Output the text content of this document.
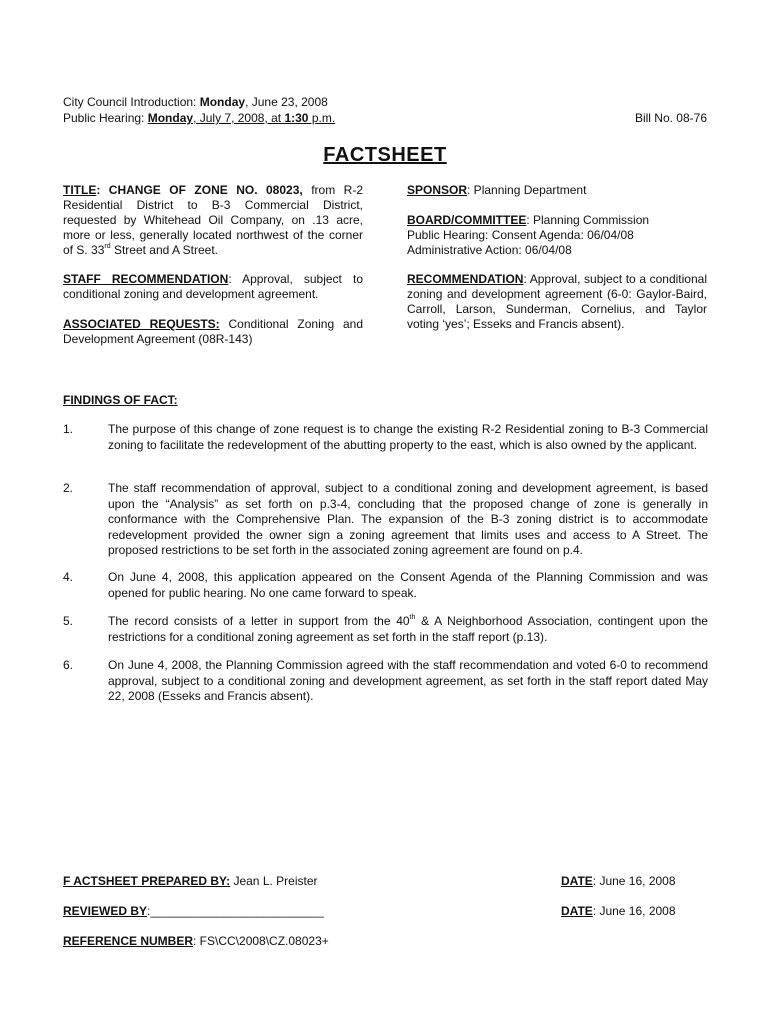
City Council Introduction: Monday, June 23, 2008
Public Hearing: Monday, July 7, 2008, at 1:30 p.m.	Bill No. 08-76
FACTSHEET
TITLE: CHANGE OF ZONE NO. 08023, from R-2 Residential District to B-3 Commercial District, requested by Whitehead Oil Company, on .13 acre, more or less, generally located northwest of the corner of S. 33rd Street and A Street.
STAFF RECOMMENDATION: Approval, subject to conditional zoning and development agreement.
ASSOCIATED REQUESTS: Conditional Zoning and Development Agreement (08R-143)
SPONSOR: Planning Department
BOARD/COMMITTEE: Planning Commission
Public Hearing: Consent Agenda: 06/04/08
Administrative Action: 06/04/08
RECOMMENDATION: Approval, subject to a conditional zoning and development agreement (6-0: Gaylor-Baird, Carroll, Larson, Sunderman, Cornelius, and Taylor voting ‘yes’; Esseks and Francis absent).
FINDINGS OF FACT:
1.	The purpose of this change of zone request is to change the existing R-2 Residential zoning to B-3 Commercial zoning to facilitate the redevelopment of the abutting property to the east, which is also owned by the applicant.
2.	The staff recommendation of approval, subject to a conditional zoning and development agreement, is based upon the “Analysis” as set forth on p.3-4, concluding that the proposed change of zone is generally in conformance with the Comprehensive Plan. The expansion of the B-3 zoning district is to accommodate redevelopment provided the owner sign a zoning agreement that limits uses and access to A Street. The proposed restrictions to be set forth in the associated zoning agreement are found on p.4.
4.	On June 4, 2008, this application appeared on the Consent Agenda of the Planning Commission and was opened for public hearing. No one came forward to speak.
5.	The record consists of a letter in support from the 40th & A Neighborhood Association, contingent upon the restrictions for a conditional zoning agreement as set forth in the staff report (p.13).
6.	On June 4, 2008, the Planning Commission agreed with the staff recommendation and voted 6-0 to recommend approval, subject to a conditional zoning and development agreement, as set forth in the staff report dated May 22, 2008 (Esseks and Francis absent).
F ACTSHEET PREPARED BY: Jean L. Preister	DATE: June 16, 2008
REVIEWED BY:__________________________	DATE: June 16, 2008
REFERENCE NUMBER: FS\CC\2008\CZ.08023+
